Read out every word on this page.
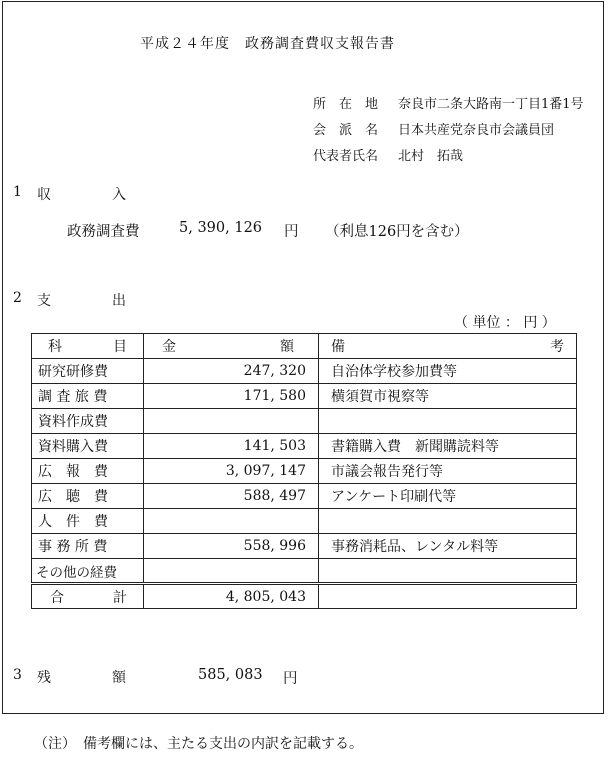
平成２４年度　政務調査費収支報告書
所　在　地 奈良市二条大路南一丁目1番1号
会　派　名 日本共産党奈良市会議員団
代表者氏名 北村　拓哉
1 収	入
政務調査費	5, 390, 126 円 （利息126円を含む）
2 支	出
（ 単位 ： 円 ）
科 目	金 額	備 考

研究研修費	247, 320	自治体学校参加費等
調 査 旅 費	171, 580	横須賀市視察等
資料作成費		
資料購入費	141, 503	書籍購入費　新聞購読料等
広　報　費	3, 097, 147	市議会報告発行等
広　聴　費	588, 497	アンケート印刷代等
人　件　費		
事 務 所 費	558, 996	事務消耗品、レンタル料等
その他の経費		

合 計	4, 805, 043	
3 残	額	585, 083 円
（注）　備考欄には、主たる支出の内訳を記載する。
